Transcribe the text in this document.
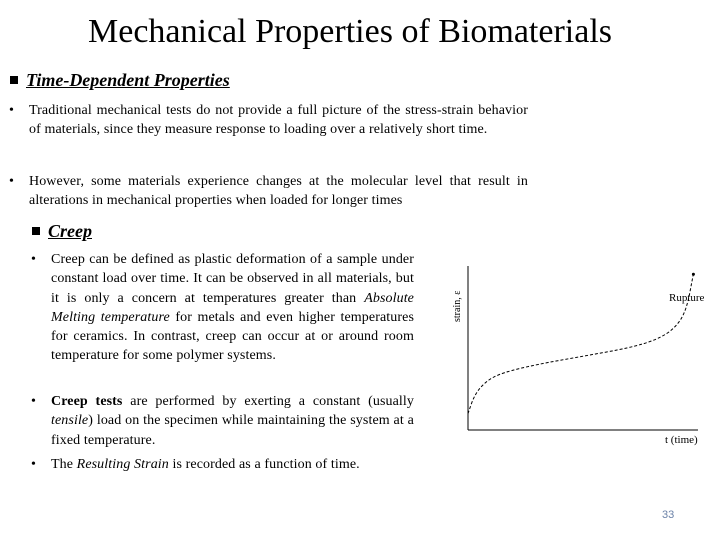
Mechanical Properties of Biomaterials
Time-Dependent Properties
• Traditional mechanical tests do not provide a full picture of the stress-strain behavior of materials, since they measure response to loading over a relatively short time.
• However, some materials experience changes at the molecular level that result in alterations in mechanical properties when loaded for longer times
Creep
• Creep can be defined as plastic deformation of a sample under constant load over time. It can be observed in all materials, but it is only a concern at temperatures greater than Absolute Melting temperature for metals and even higher temperatures for ceramics. In contrast, creep can occur at or around room temperature for some polymer systems.
• Creep tests are performed by exerting a constant (usually tensile) load on the specimen while maintaining the system at a fixed temperature.
• The Resulting Strain is recorded as a function of time.
strain, ε
t (time)
Rupture
33
